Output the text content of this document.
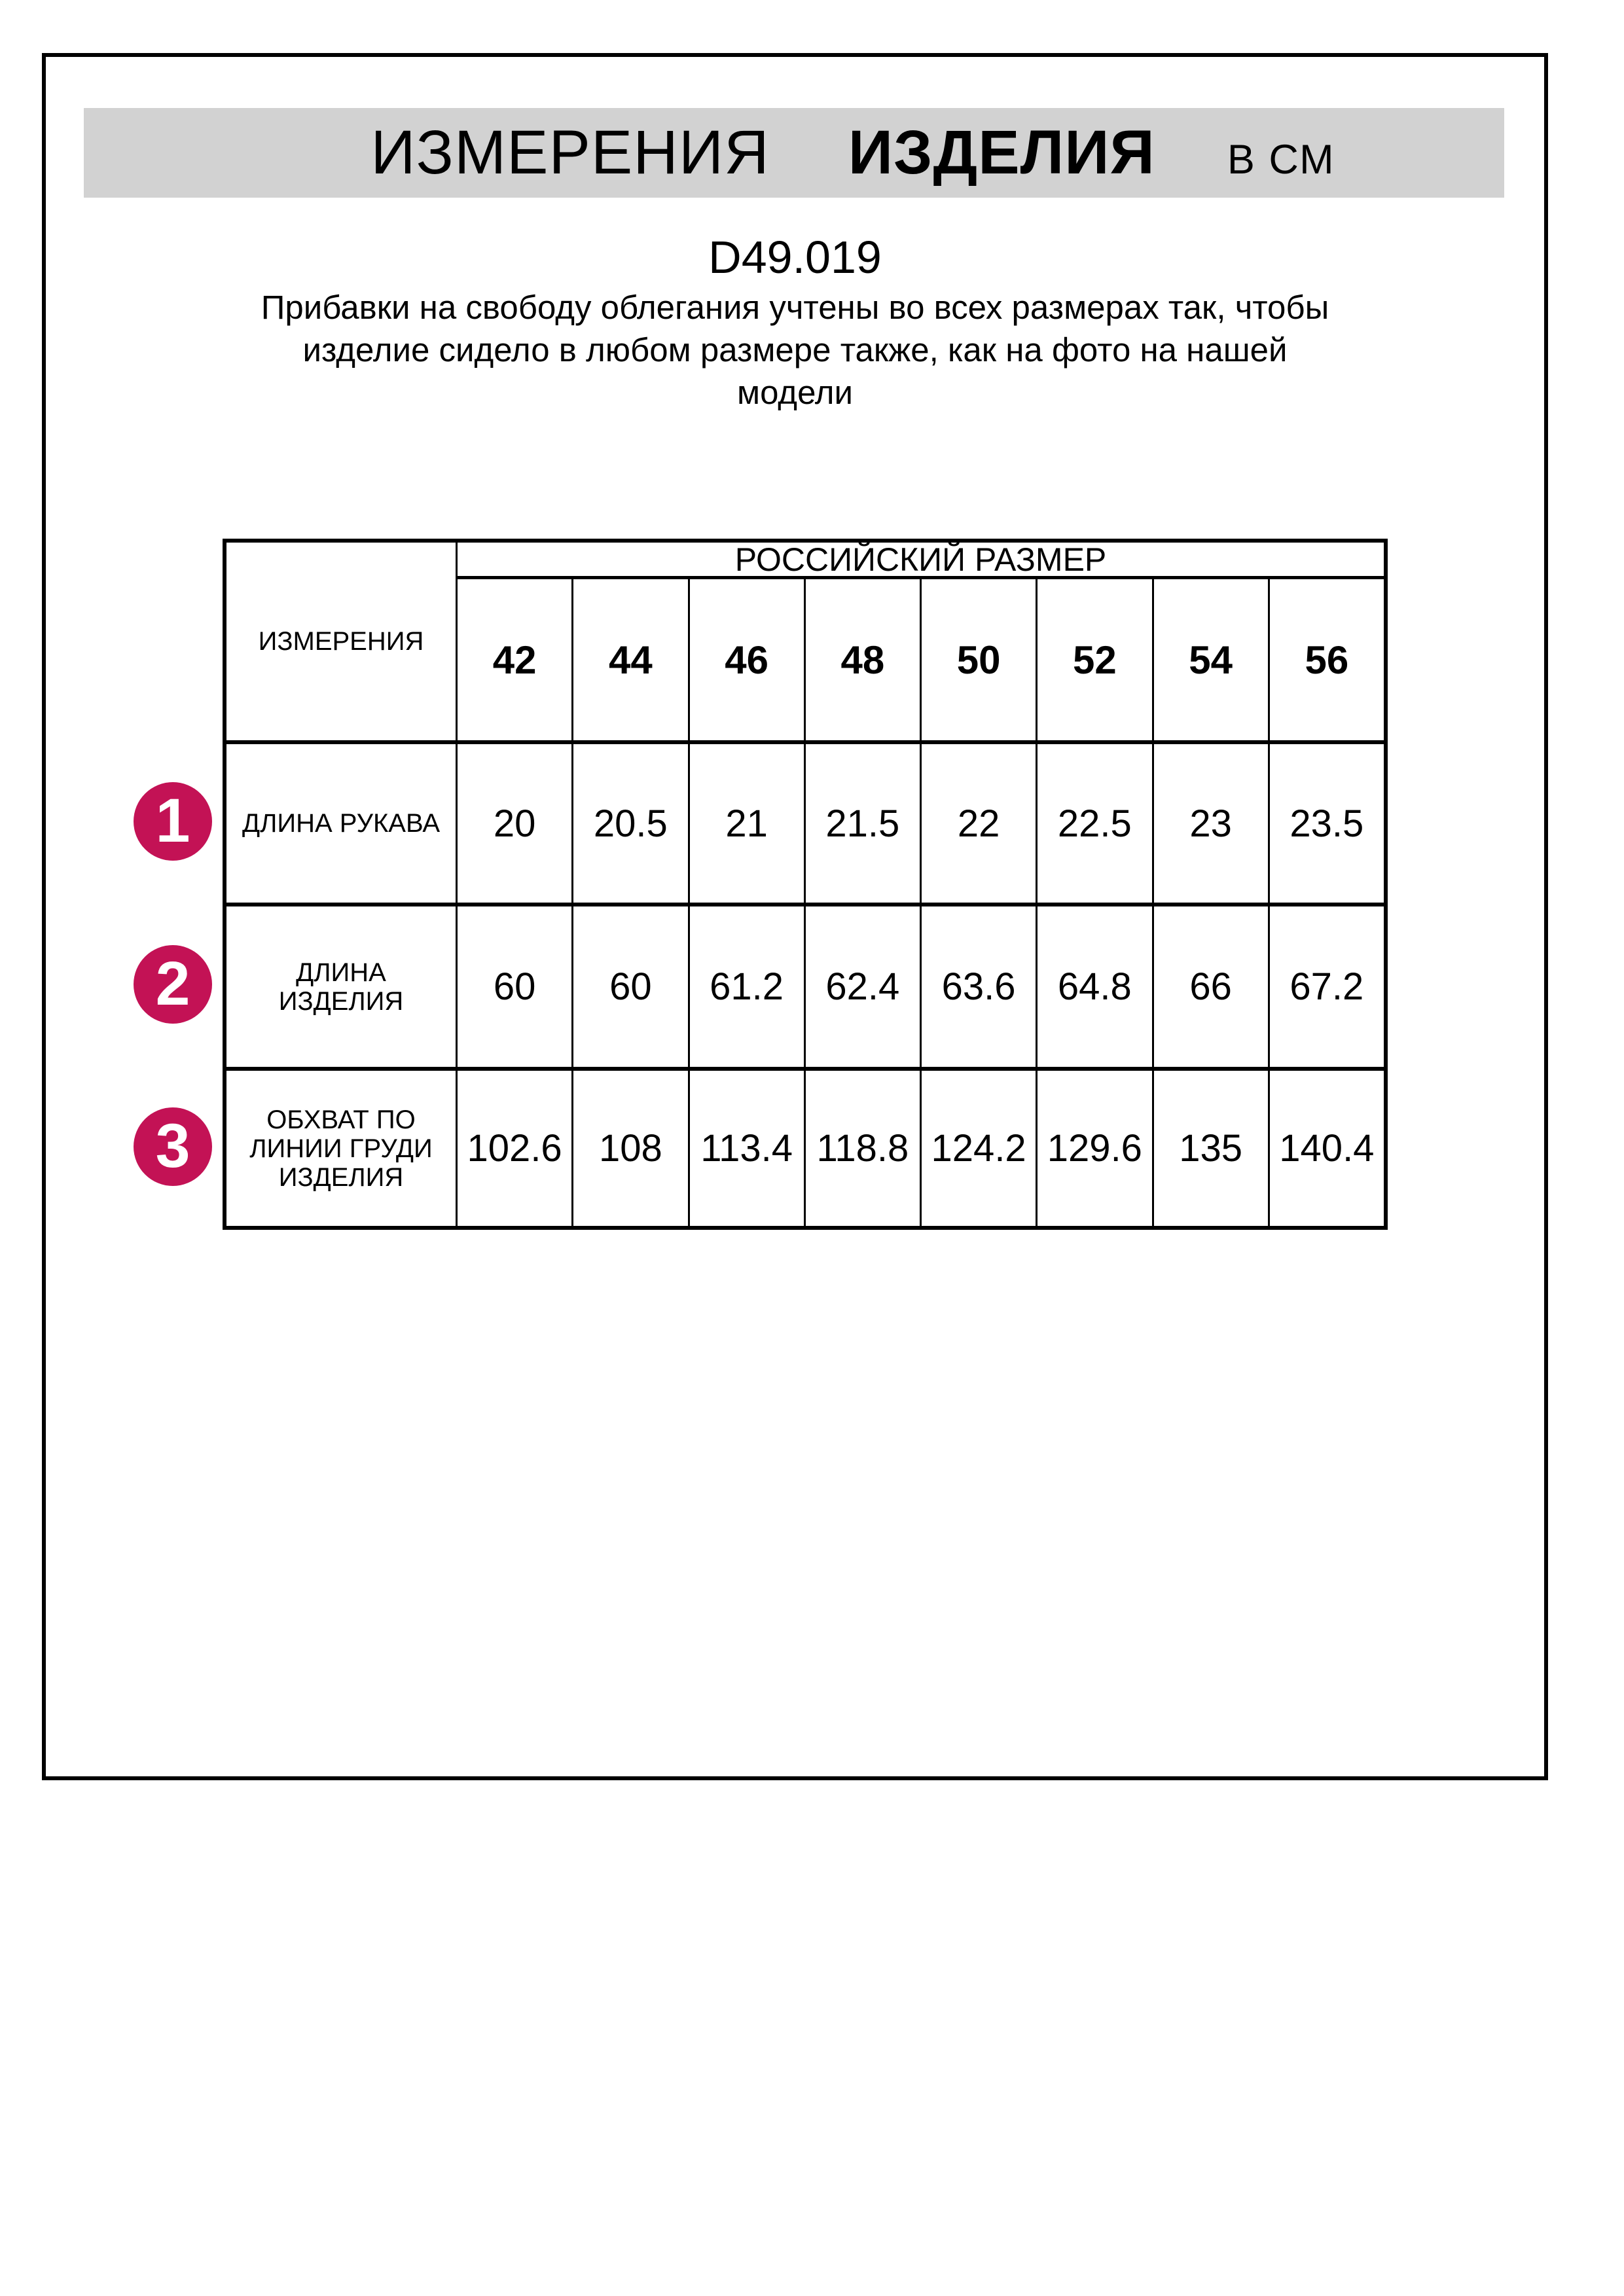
ИЗМЕРЕНИЯ ИЗДЕЛИЯ В СМ
D49.019
Прибавки на свободу облегания учтены во всех размерах так, чтобы
изделие сидело в любом размере также, как на фото на нашей
модели
ИЗМЕРЕНИЯ
РОССИЙСКИЙ РАЗМЕР
42	44	46	48	50	52	54	56
ДЛИНА РУКАВА	20	20.5	21	21.5	22	22.5	23	23.5
ДЛИНА
ИЗДЕЛИЯ	60	60	61.2	62.4	63.6	64.8	66	67.2
ОБХВАТ ПО
ЛИНИИ ГРУДИ
ИЗДЕЛИЯ
102.6 108	113.4 118.8 124.2 129.6 135 140.4
1
2
3
